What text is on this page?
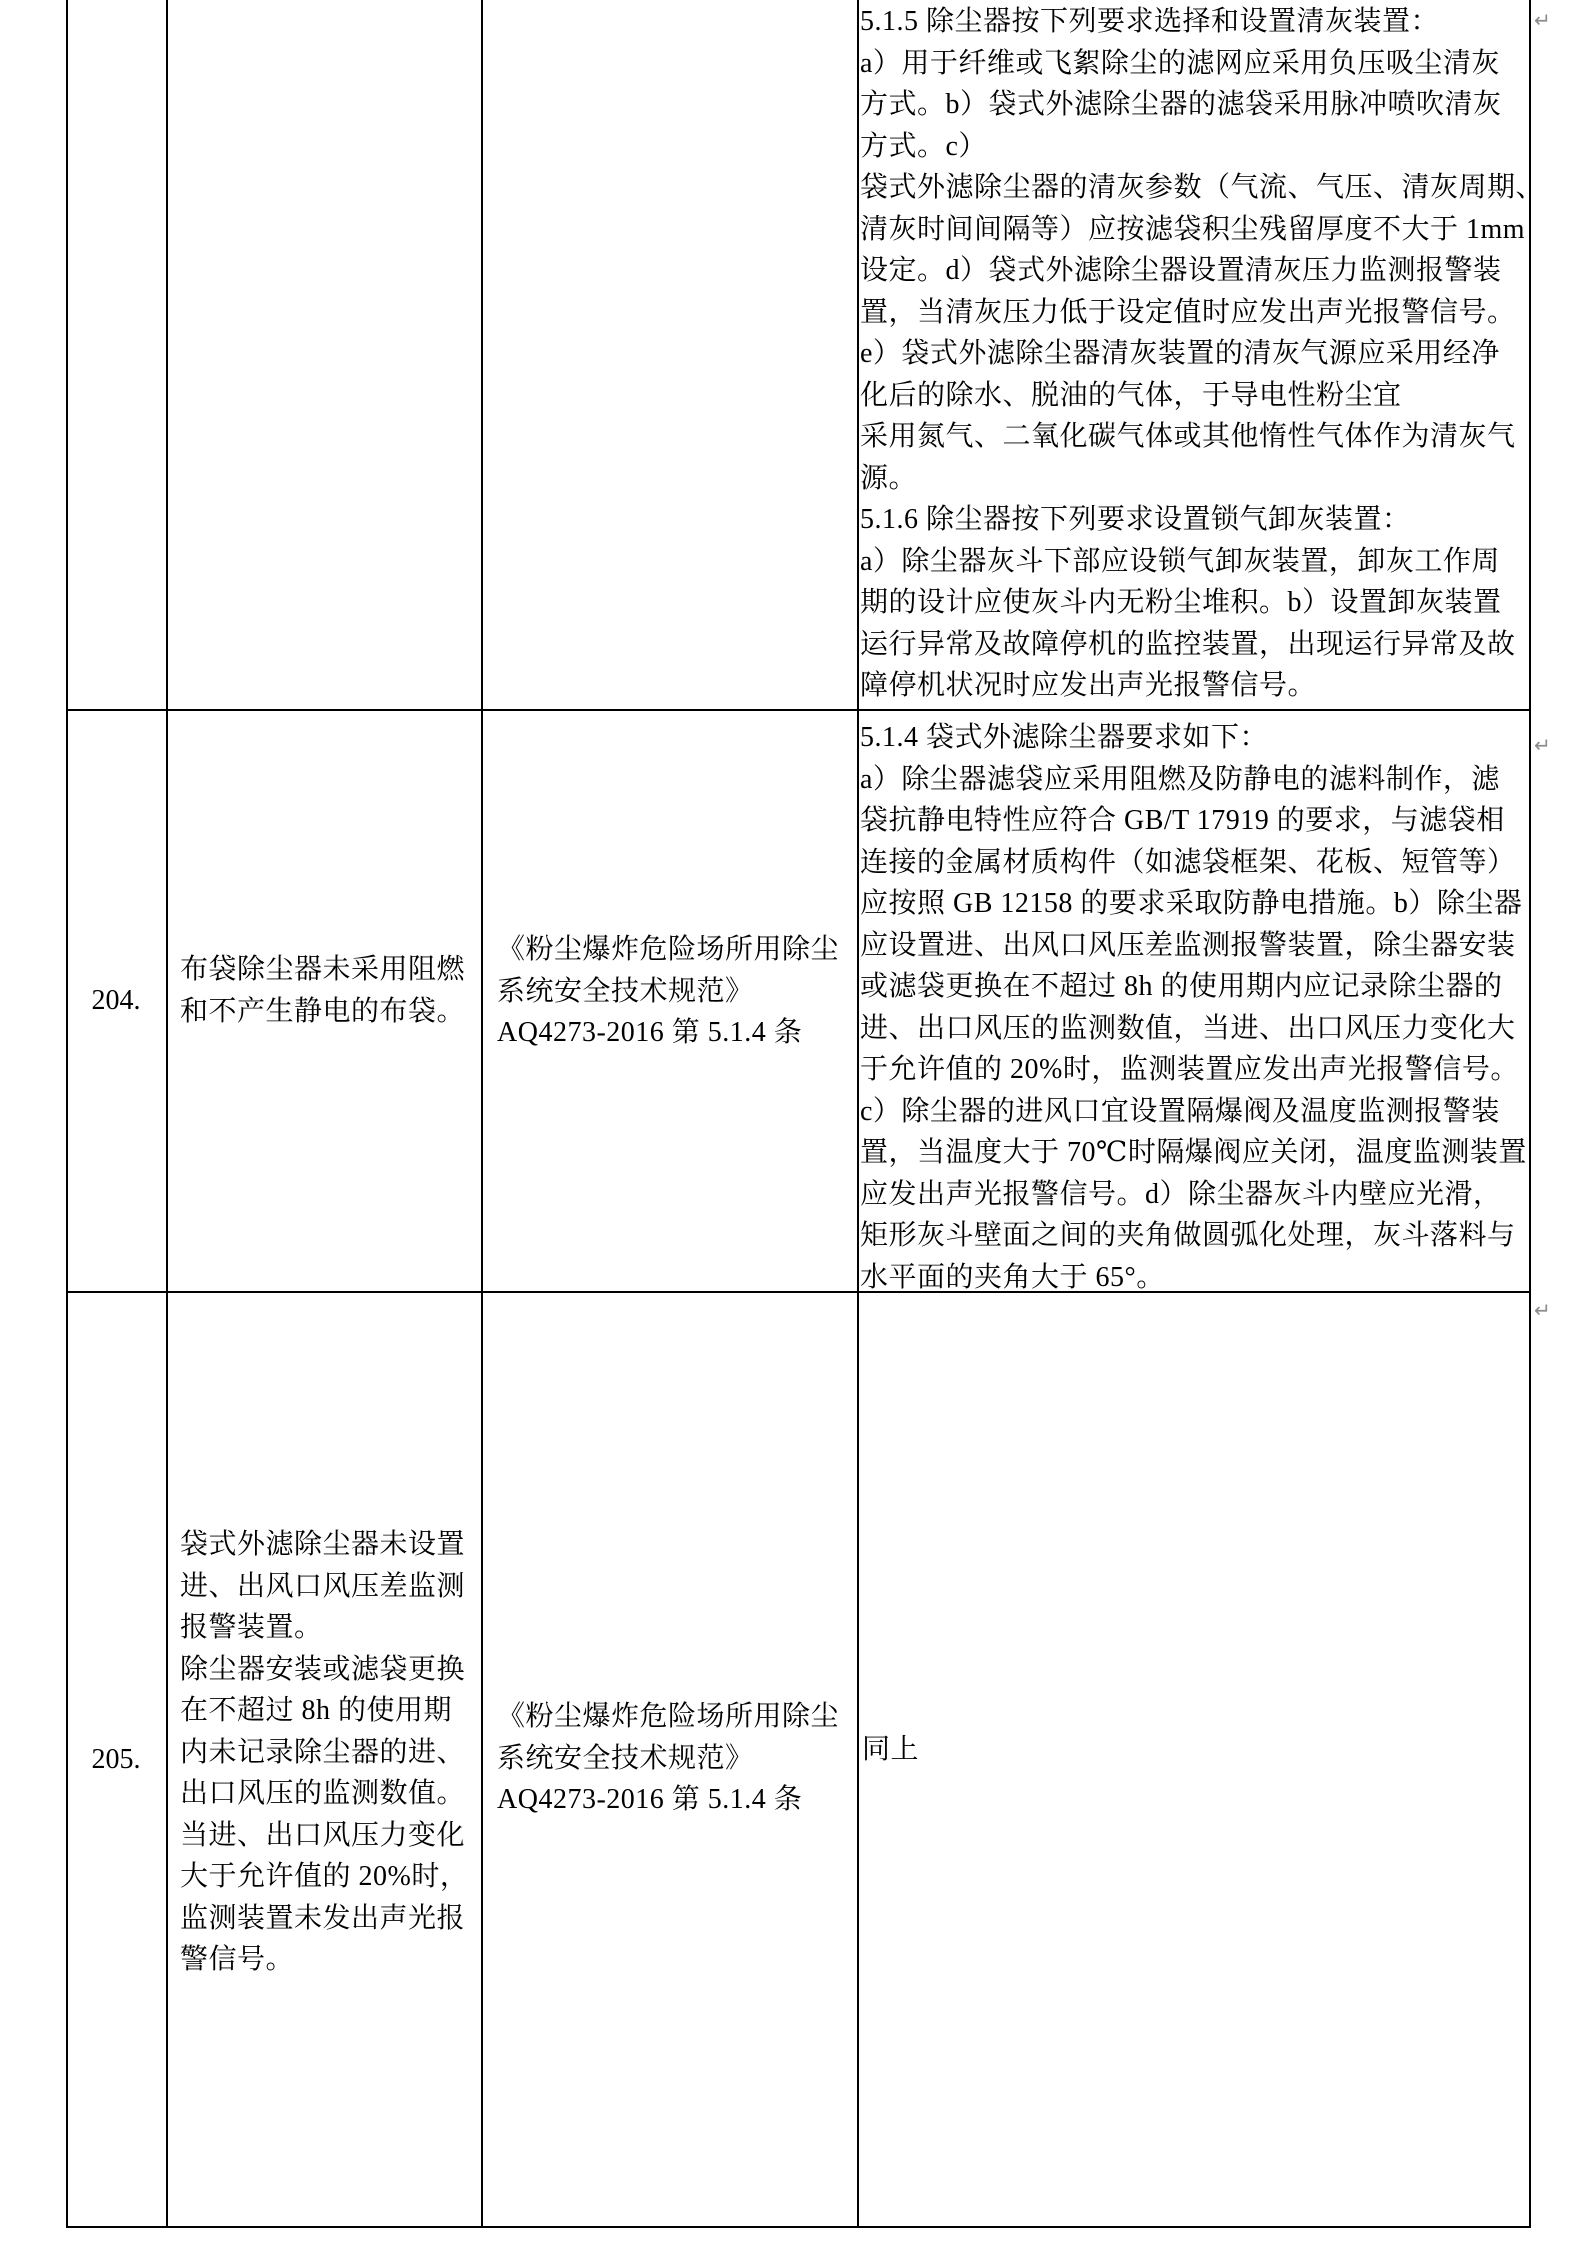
5.1.5 除尘器按下列要求选择和设置清灰装置：
a）用于纤维或飞絮除尘的滤网应采用负压吸尘清灰
方式。b）袋式外滤除尘器的滤袋采用脉冲喷吹清灰
方式。c）
袋式外滤除尘器的清灰参数（气流、气压、清灰周期、
清灰时间间隔等）应按滤袋积尘残留厚度不大于 1mm
设定。d）袋式外滤除尘器设置清灰压力监测报警装
置，当清灰压力低于设定值时应发出声光报警信号。
e）袋式外滤除尘器清灰装置的清灰气源应采用经净
化后的除水、脱油的气体，于导电性粉尘宜
采用氮气、二氧化碳气体或其他惰性气体作为清灰气
源。
5.1.6 除尘器按下列要求设置锁气卸灰装置：
a）除尘器灰斗下部应设锁气卸灰装置，卸灰工作周
期的设计应使灰斗内无粉尘堆积。b）设置卸灰装置
运行异常及故障停机的监控装置，出现运行异常及故
障停机状况时应发出声光报警信号。
204.
布袋除尘器未采用阻燃
和不产生静电的布袋。
《粉尘爆炸危险场所用除尘
系统安全技术规范》
AQ4273-2016 第 5.1.4 条
5.1.4 袋式外滤除尘器要求如下：
a）除尘器滤袋应采用阻燃及防静电的滤料制作，滤
袋抗静电特性应符合 GB/T 17919 的要求，与滤袋相
连接的金属材质构件（如滤袋框架、花板、短管等）
应按照 GB 12158 的要求采取防静电措施。b）除尘器
应设置进、出风口风压差监测报警装置，除尘器安装
或滤袋更换在不超过 8h 的使用期内应记录除尘器的
进、出口风压的监测数值，当进、出口风压力变化大
于允许值的 20%时，监测装置应发出声光报警信号。
c）除尘器的进风口宜设置隔爆阀及温度监测报警装
置，当温度大于 70℃时隔爆阀应关闭，温度监测装置
应发出声光报警信号。d）除尘器灰斗内壁应光滑，
矩形灰斗壁面之间的夹角做圆弧化处理，灰斗落料与
水平面的夹角大于 65°。
205.
袋式外滤除尘器未设置
进、出风口风压差监测
报警装置。
除尘器安装或滤袋更换
在不超过 8h 的使用期
内未记录除尘器的进、
出口风压的监测数值。
当进、出口风压力变化
大于允许值的 20%时，
监测装置未发出声光报
警信号。
《粉尘爆炸危险场所用除尘
系统安全技术规范》
AQ4273-2016 第 5.1.4 条
同上
↵
↵
↵
